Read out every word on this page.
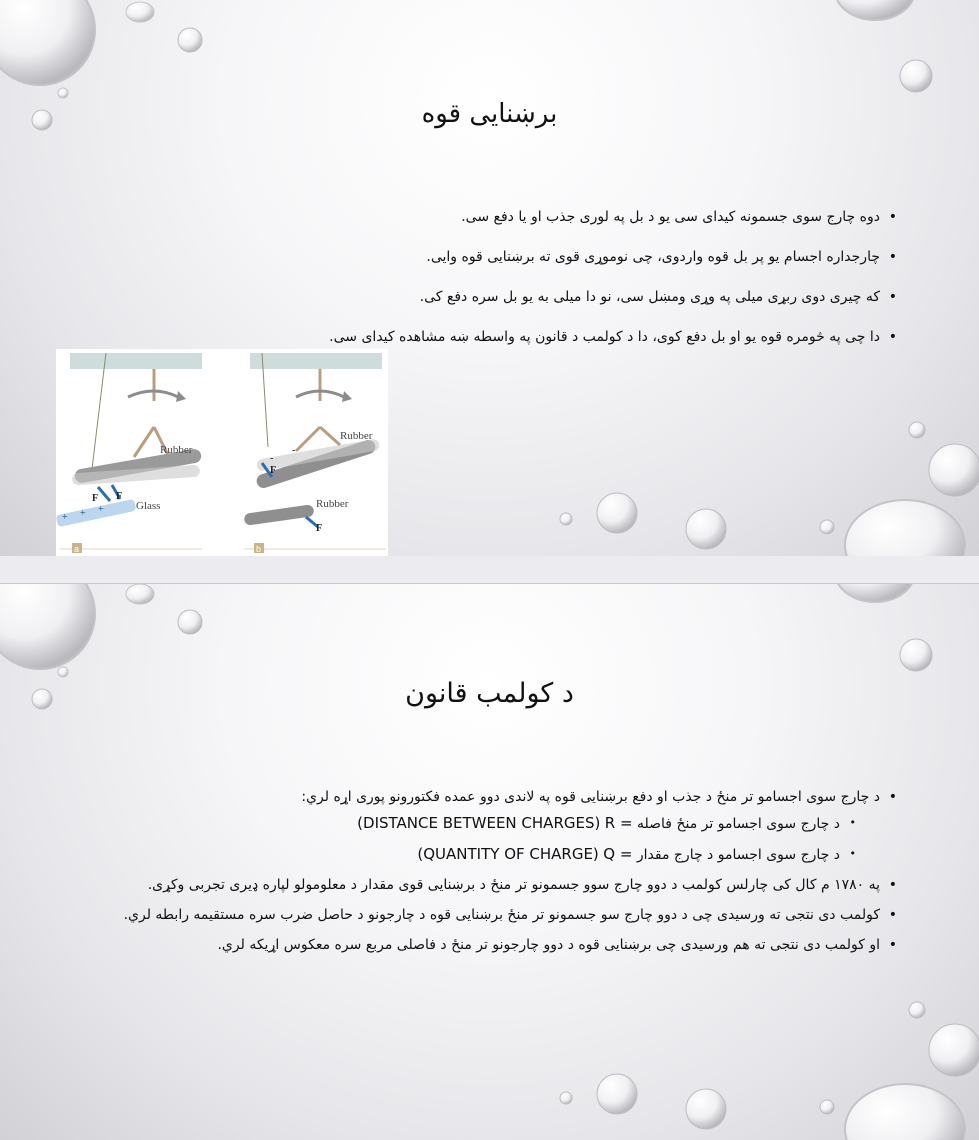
برښنایی قوه
• دوه چارج سوی جسمونه کیدای سی یو د بل په لوری جذب او یا دفع سی.
• چارجداره اجسام یو پر بل قوه واردوی، چی نوموړی قوی ته برښنایی قوه وایی.
• که چیری دوی ربړی میلی په وړی ومښل سی، نو دا میلی به یو بل سره دفع کی.
• دا چی په څومره قوه یو او بل دفع کوی، دا د کولمب د قانون په واسطه ښه مشاهده کیدای سی.
Rubber
+ + +
F F
Glass
a
Rubber
-
-
F
Rubber
F
b
د کولمب قانون
• د چارج سوی اجسامو تر منځ د جذب او دفع برښنایی قوه په لاندی دوو عمده فکتورونو پوری اړه لري:
• د چارج سوی اجسامو تر منځ فاصله R = (DISTANCE BETWEEN CHARGES)
• د چارج سوی اجسامو د چارج مقدار Q = (QUANTITY OF CHARGE)
• په ۱۷۸۰ م کال کی چارلس کولمب د دوو چارج سوو جسمونو تر منځ د برښنایی قوی مقدار د معلومولو لپاره ډیری تجربی وکړی.
• کولمب دی نتجی ته ورسیدی چی د دوو چارج سو جسمونو تر منځ برښنایی قوه د چارجونو د حاصل ضرب سره مستقیمه رابطه لري.
• او کولمب دی نتجی ته هم ورسیدی چی برښنایی قوه د دوو چارجونو تر منځ د فاصلی مربع سره معکوس اړیکه لري.
